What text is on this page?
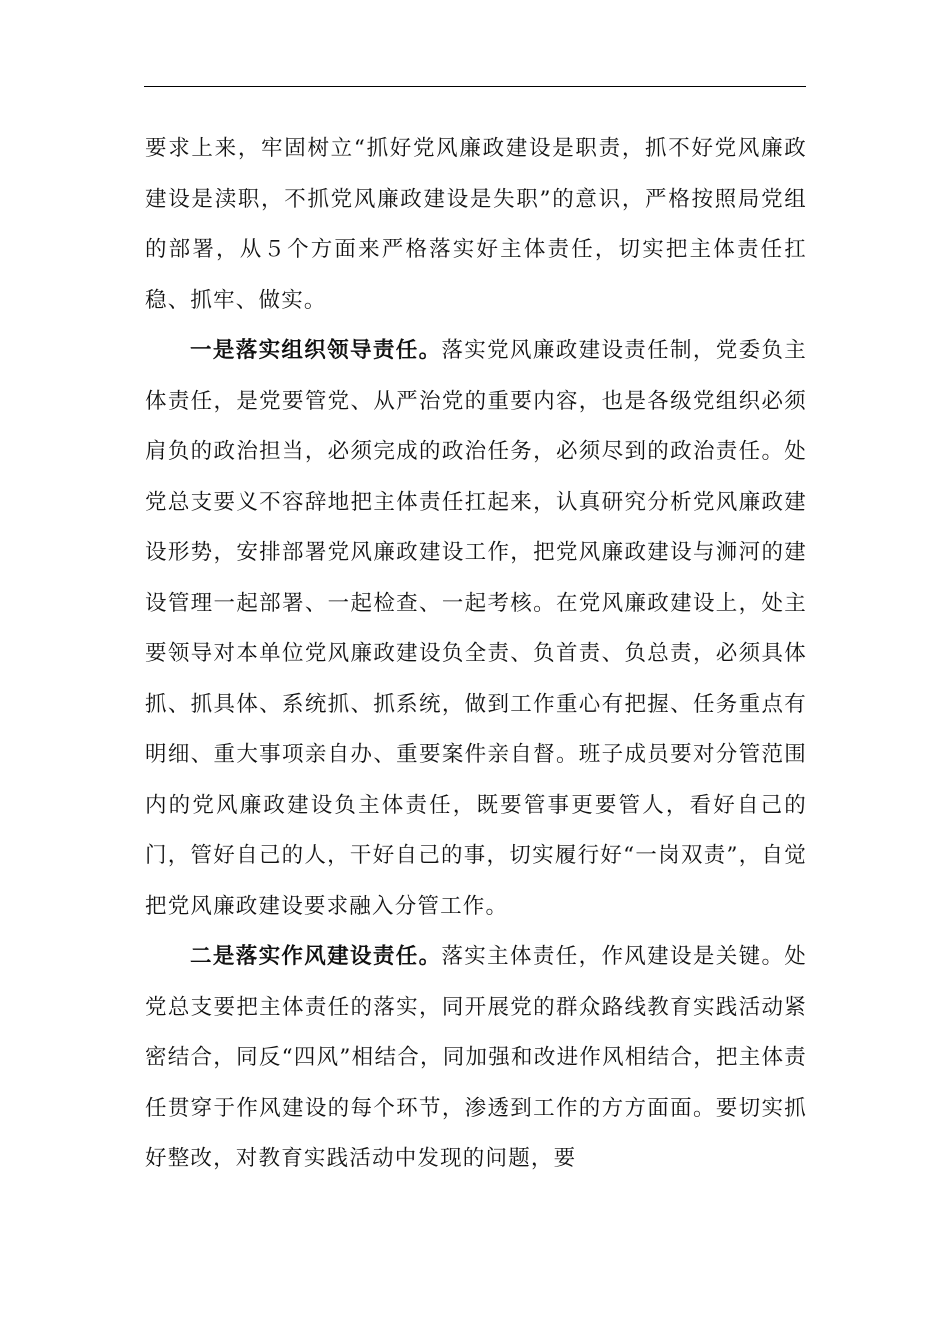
要求上来，牢固树立“抓好党风廉政建设是职责，抓不好党风廉政建设是渎职，不抓党风廉政建设是失职”的意识，严格按照局党组的部署，从５个方面来严格落实好主体责任，切实把主体责任扛稳、抓牢、做实。

一是落实组织领导责任。落实党风廉政建设责任制，党委负主体责任，是党要管党、从严治党的重要内容，也是各级党组织必须肩负的政治担当，必须完成的政治任务，必须尽到的政治责任。处党总支要义不容辞地把主体责任扛起来，认真研究分析党风廉政建设形势，安排部署党风廉政建设工作，把党风廉政建设与浉河的建设管理一起部署、一起检查、一起考核。在党风廉政建设上，处主要领导对本单位党风廉政建设负全责、负首责、负总责，必须具体抓、抓具体、系统抓、抓系统，做到工作重心有把握、任务重点有明细、重大事项亲自办、重要案件亲自督。班子成员要对分管范围内的党风廉政建设负主体责任，既要管事更要管人，看好自己的门，管好自己的人，干好自己的事，切实履行好“一岗双责”，自觉把党风廉政建设要求融入分管工作。

二是落实作风建设责任。落实主体责任，作风建设是关键。处党总支要把主体责任的落实，同开展党的群众路线教育实践活动紧密结合，同反“四风”相结合，同加强和改进作风相结合，把主体责任贯穿于作风建设的每个环节，渗透到工作的方方面面。要切实抓好整改，对教育实践活动中发现的问题，要
